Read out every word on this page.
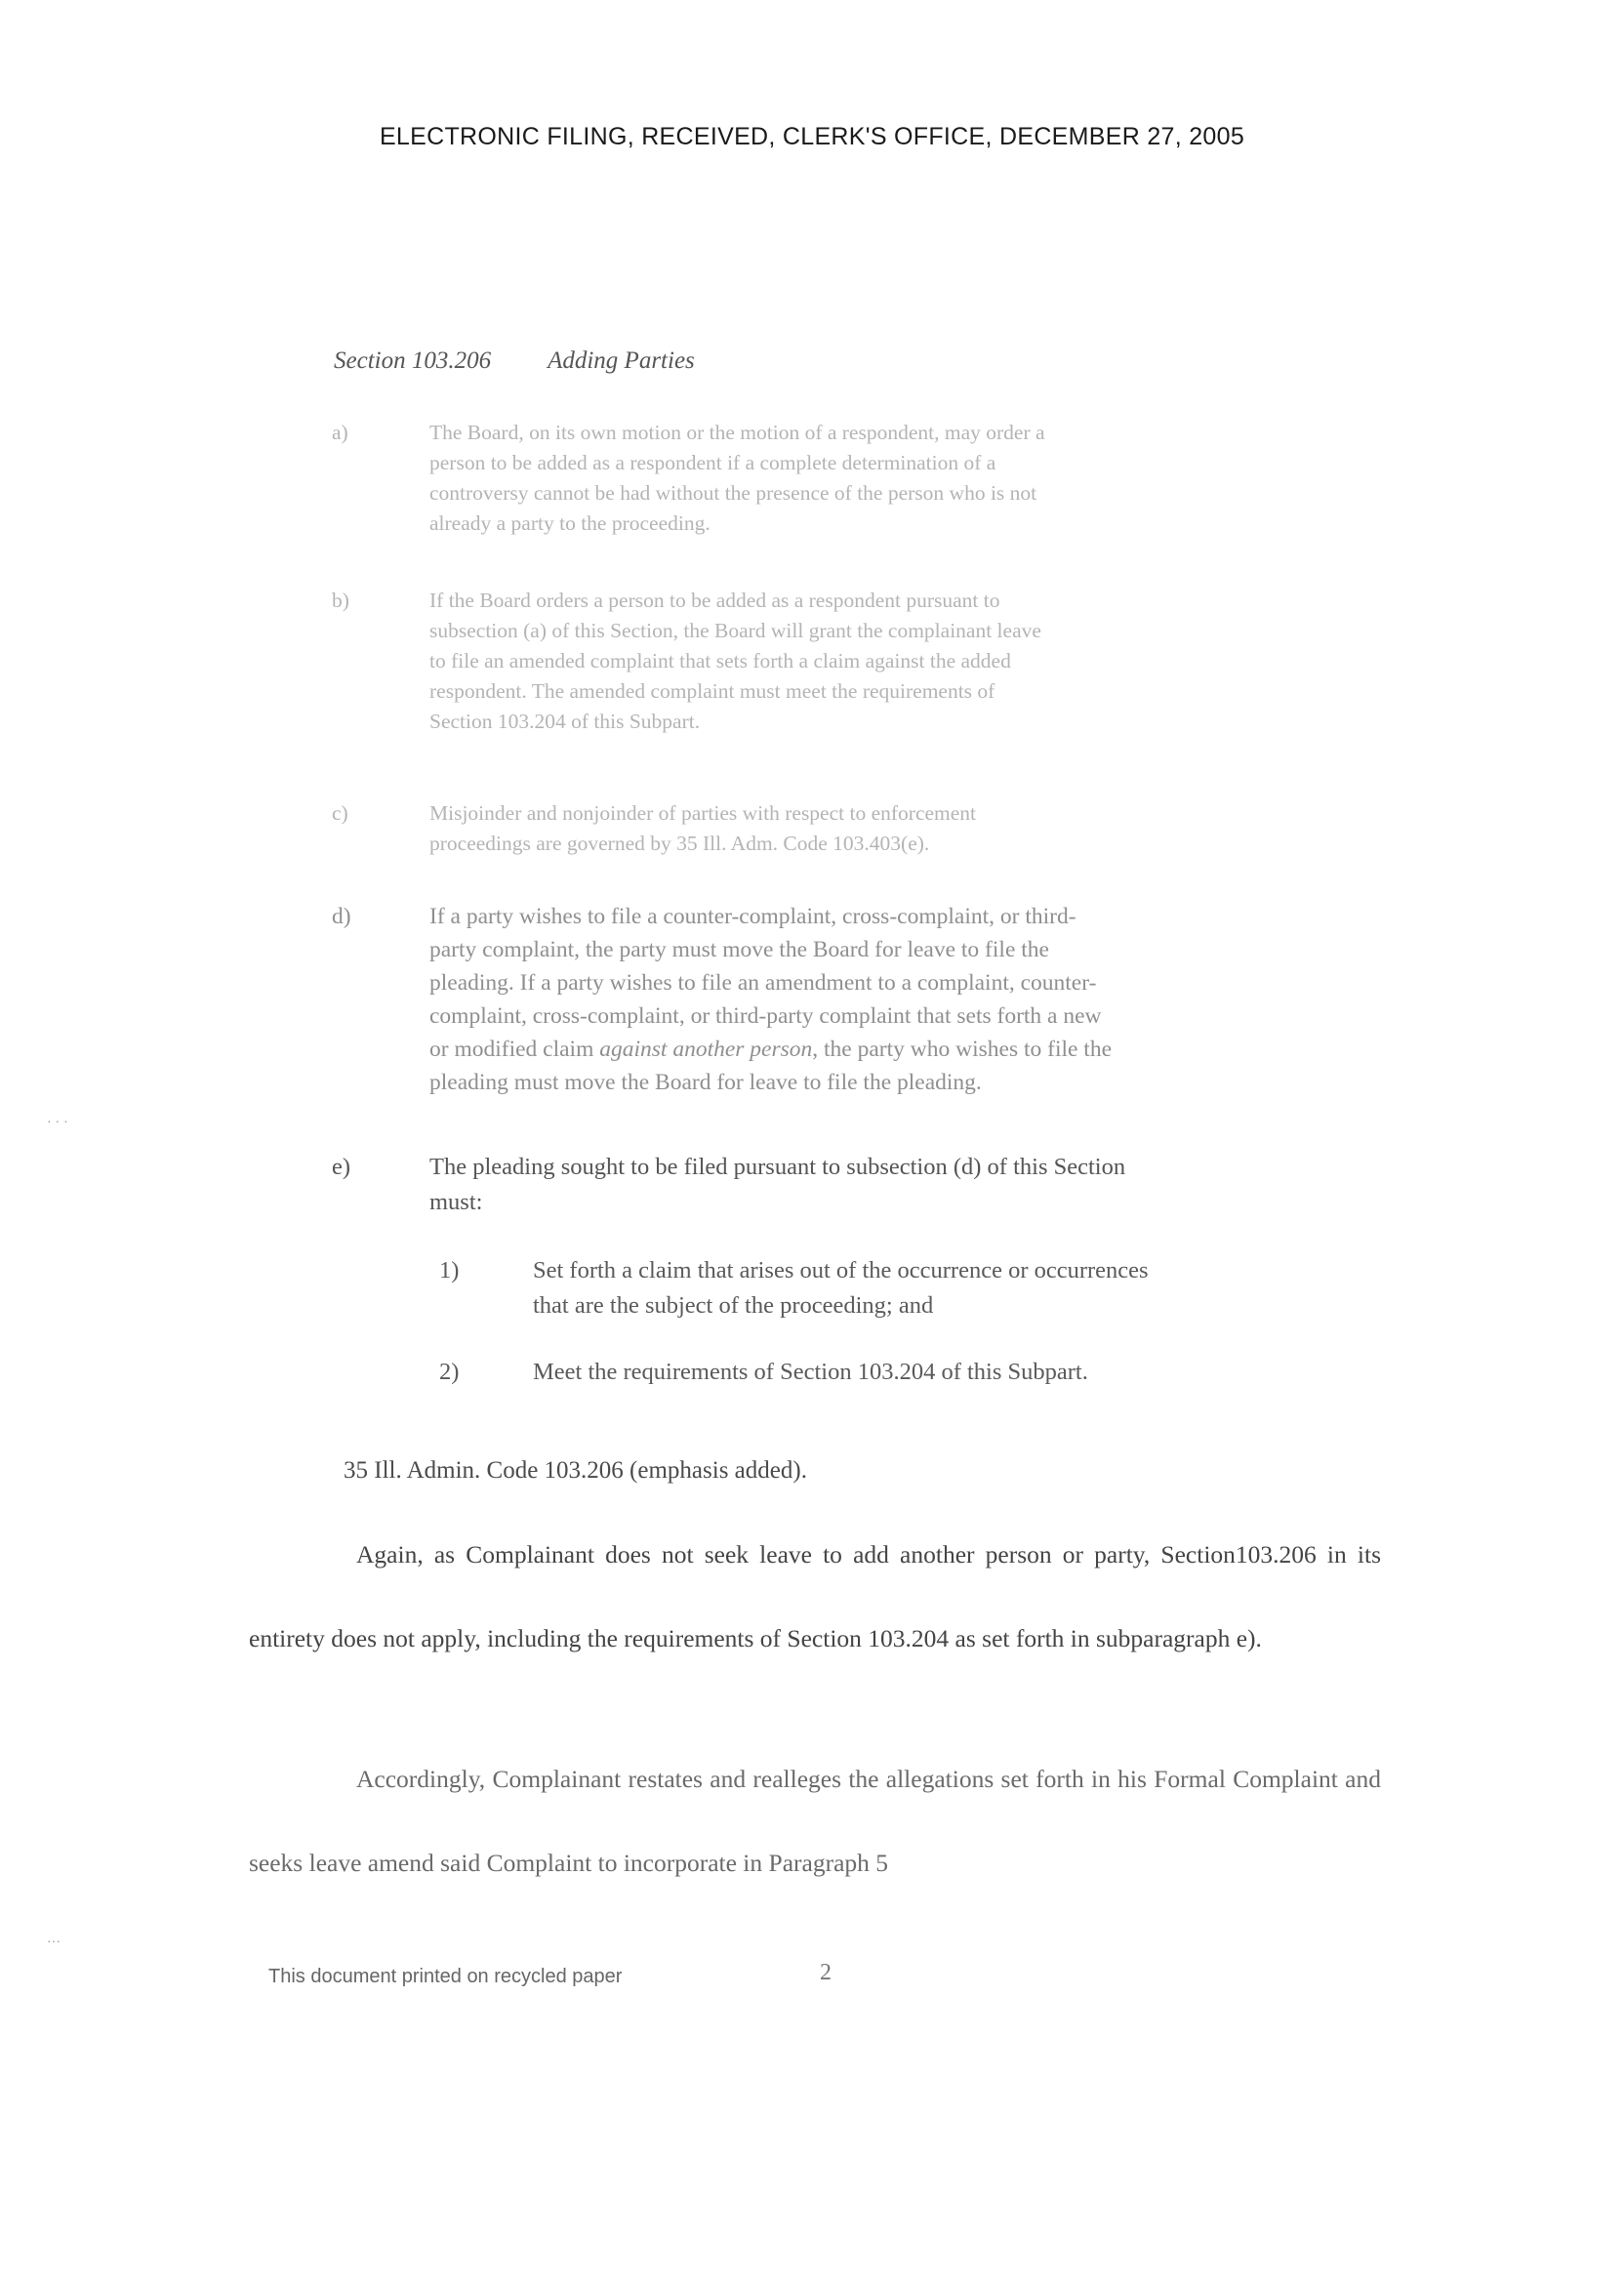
ELECTRONIC FILING, RECEIVED, CLERK'S OFFICE, DECEMBER 27, 2005
Section 103.206 Adding Parties
a)	The Board, on its own motion or the motion of a respondent, may order a
person to be added as a respondent if a complete determination of a
controversy cannot be had without the presence of the person who is not
already a party to the proceeding.
b)	If the Board orders a person to be added as a respondent pursuant to
subsection (a) of this Section, the Board will grant the complainant leave
to file an amended complaint that sets forth a claim against the added
respondent. The amended complaint must meet the requirements of
Section 103.204 of this Subpart.
c)	Misjoinder and nonjoinder of parties with respect to enforcement
proceedings are governed by 35 Ill. Adm. Code 103.403(e).
d)	If a party wishes to file a counter-complaint, cross-complaint, or third-
party complaint, the party must move the Board for leave to file the
pleading. If a party wishes to file an amendment to a complaint, counter-
complaint, cross-complaint, or third-party complaint that sets forth a new
or modified claim against another person, the party who wishes to file the
pleading must move the Board for leave to file the pleading.
e)	The pleading sought to be filed pursuant to subsection (d) of this Section
must:
1)	Set forth a claim that arises out of the occurrence or occurrences
that are the subject of the proceeding; and
2)	Meet the requirements of Section 103.204 of this Subpart.
35 Ill. Admin. Code 103.206 (emphasis added).
Again, as Complainant does not seek leave to add another person or party, Section103.206 in its entirety does not apply, including the requirements of Section 103.204 as set forth in subparagraph e).
Accordingly, Complainant restates and realleges the allegations set forth in his Formal Complaint and seeks leave amend said Complaint to incorporate in Paragraph 5
This document printed on recycled paper	2
· · ·
···
